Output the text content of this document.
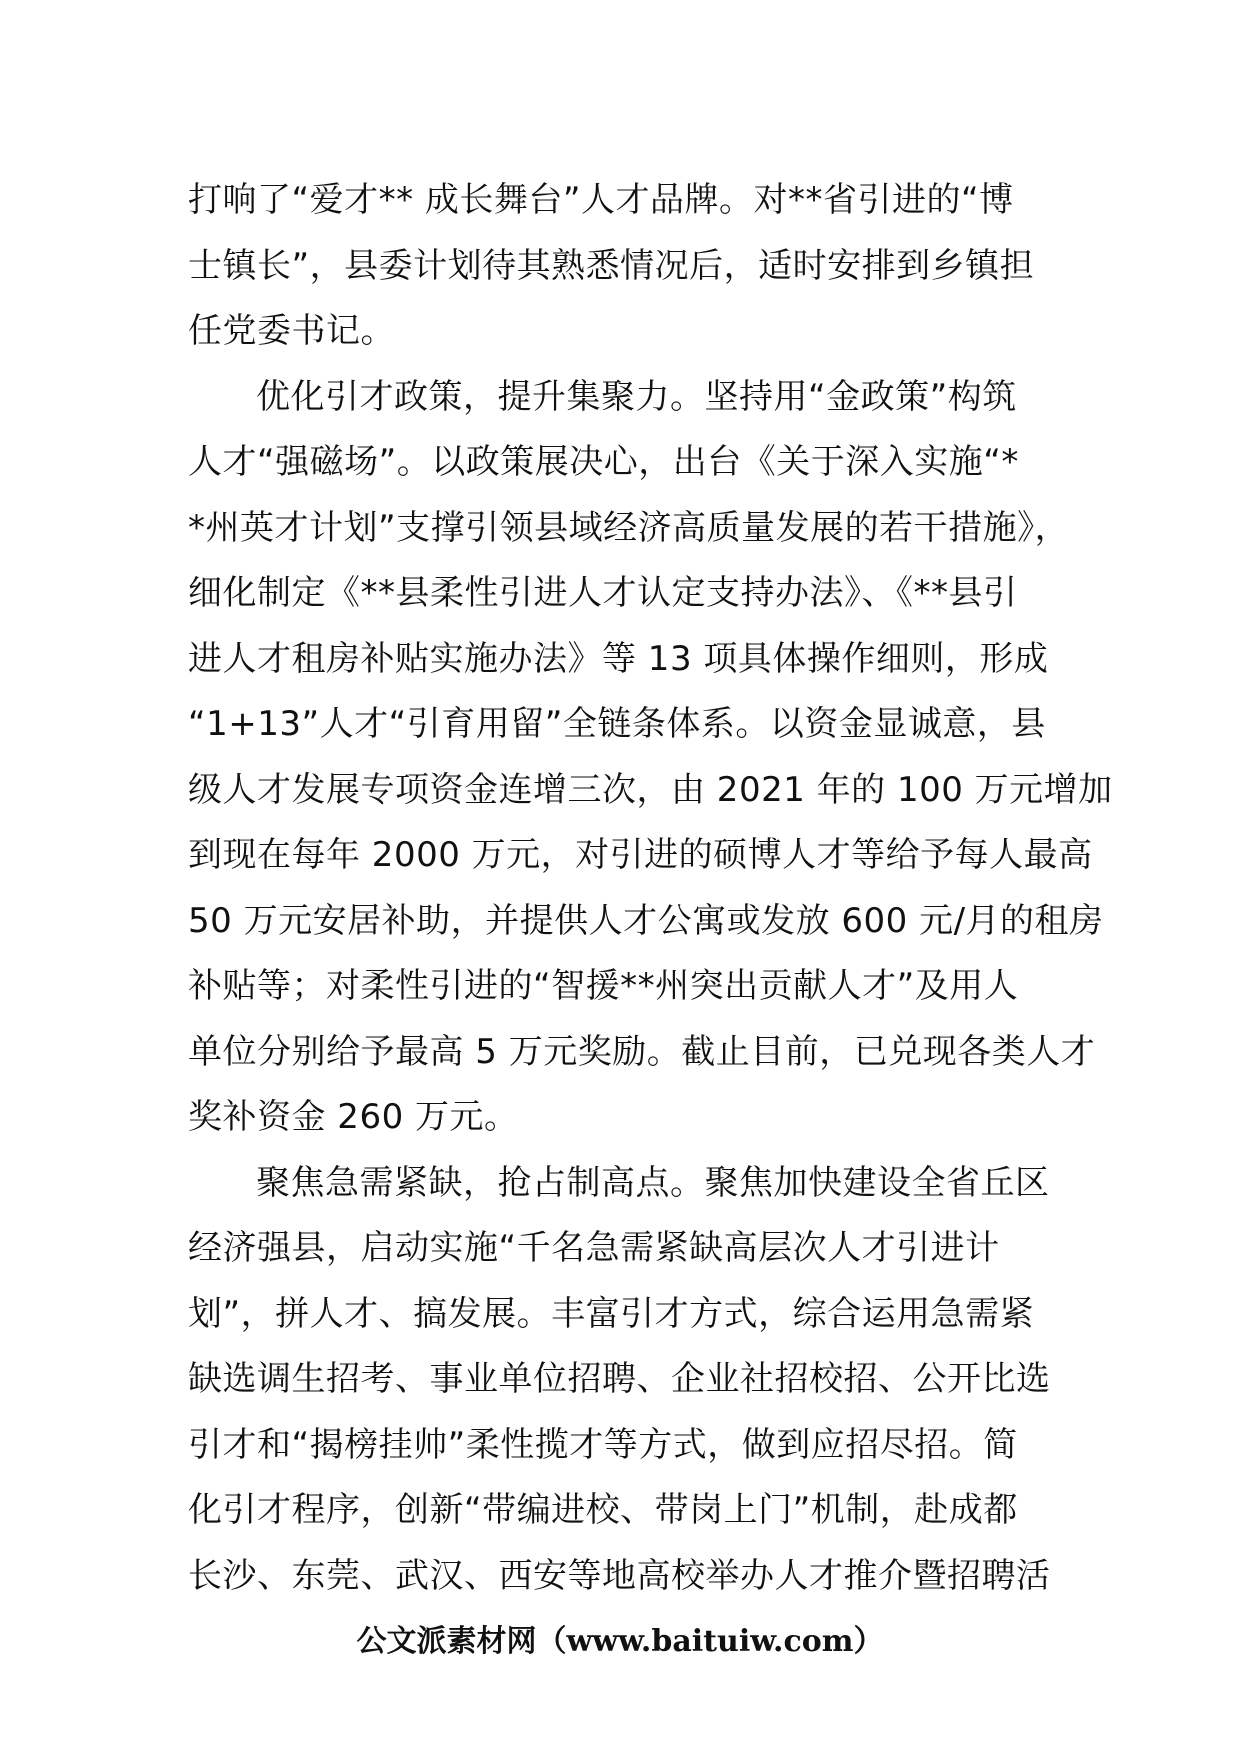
打响了“爱才** 成长舞台”人才品牌。对**省引进的“博
士镇长”，县委计划待其熟悉情况后，适时安排到乡镇担
任党委书记。
优化引才政策，提升集聚力。坚持用“金政策”构筑
人才“强磁场”。以政策展决心，出台《关于深入实施“*
*州英才计划”支撑引领县域经济高质量发展的若干措施》，
细化制定《**县柔性引进人才认定支持办法》、《**县引
进人才租房补贴实施办法》等 13 项具体操作细则，形成
“1+13”人才“引育用留”全链条体系。以资金显诚意，县
级人才发展专项资金连增三次，由 2021 年的 100 万元增加
到现在每年 2000 万元，对引进的硕博人才等给予每人最高
50 万元安居补助，并提供人才公寓或发放 600 元/月的租房
补贴等；对柔性引进的“智援**州突出贡献人才”及用人
单位分别给予最高 5 万元奖励。截止目前，已兑现各类人才
奖补资金 260 万元。
聚焦急需紧缺，抢占制高点。聚焦加快建设全省丘区
经济强县，启动实施“千名急需紧缺高层次人才引进计
划”，拼人才、搞发展。丰富引才方式，综合运用急需紧
缺选调生招考、事业单位招聘、企业社招校招、公开比选
引才和“揭榜挂帅”柔性揽才等方式，做到应招尽招。简
化引才程序，创新“带编进校、带岗上门”机制，赴成都
长沙、东莞、武汉、西安等地高校举办人才推介暨招聘活
公文派素材网（www.baituiw.com）
